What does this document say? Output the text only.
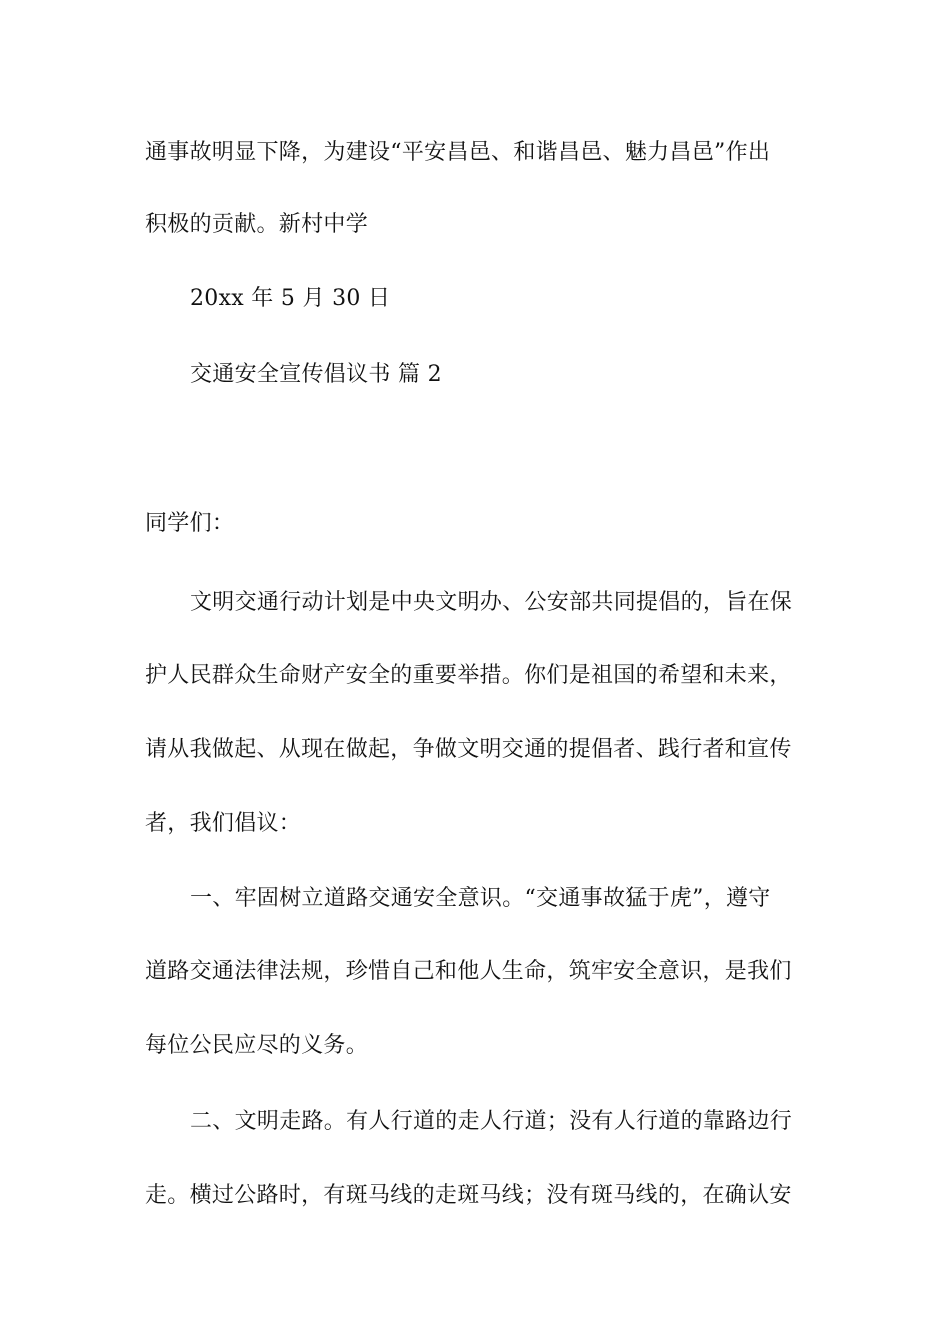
通事故明显下降，为建设“平安昌邑、和谐昌邑、魅力昌邑”作出
积极的贡献。新村中学
20xx 年 5 月 30 日
交通安全宣传倡议书 篇 2
同学们：
文明交通行动计划是中央文明办、公安部共同提倡的，旨在保
护人民群众生命财产安全的重要举措。你们是祖国的希望和未来，
请从我做起、从现在做起，争做文明交通的提倡者、践行者和宣传
者，我们倡议：
一、牢固树立道路交通安全意识。“交通事故猛于虎”，遵守
道路交通法律法规，珍惜自己和他人生命，筑牢安全意识，是我们
每位公民应尽的义务。
二、文明走路。有人行道的走人行道；没有人行道的靠路边行
走。横过公路时，有斑马线的走斑马线；没有斑马线的，在确认安
